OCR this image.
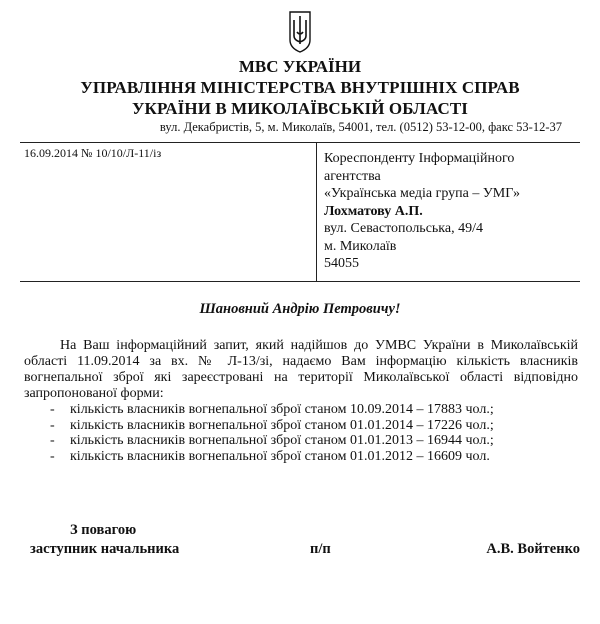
МВС УКРАЇНИ
УПРАВЛІННЯ МІНІСТЕРСТВА ВНУТРІШНІХ СПРАВ
УКРАЇНИ В МИКОЛАЇВСЬКІЙ ОБЛАСТІ
вул. Декабристів, 5, м. Миколаїв, 54001, тел. (0512) 53-12-00, факс 53-12-37
16.09.2014 № 10/10/Л-11/із	Кореспонденту Інформаційного
агентства
«Українська медіа група – УМГ»
Лохматову А.П.
вул. Севастопольська, 49/4
м. Миколаїв
54055
Шановний Андрію Петровичу!
На Ваш інформаційний запит, який надійшов до УМВС України в Миколаївській області 11.09.2014 за вх. № Л-13/зі, надаємо Вам інформацію кількість власників вогнепальної зброї які зареєстровані на території Миколаївської області відповідно запропонованої форми:
- кількість власників вогнепальної зброї станом 10.09.2014 – 17883 чол.;
- кількість власників вогнепальної зброї станом 01.01.2014 – 17226 чол.;
- кількість власників вогнепальної зброї станом 01.01.2013 – 16944 чол.;
- кількість власників вогнепальної зброї станом 01.01.2012 – 16609 чол.
З повагою
заступник начальника	п/п	А.В. Войтенко
